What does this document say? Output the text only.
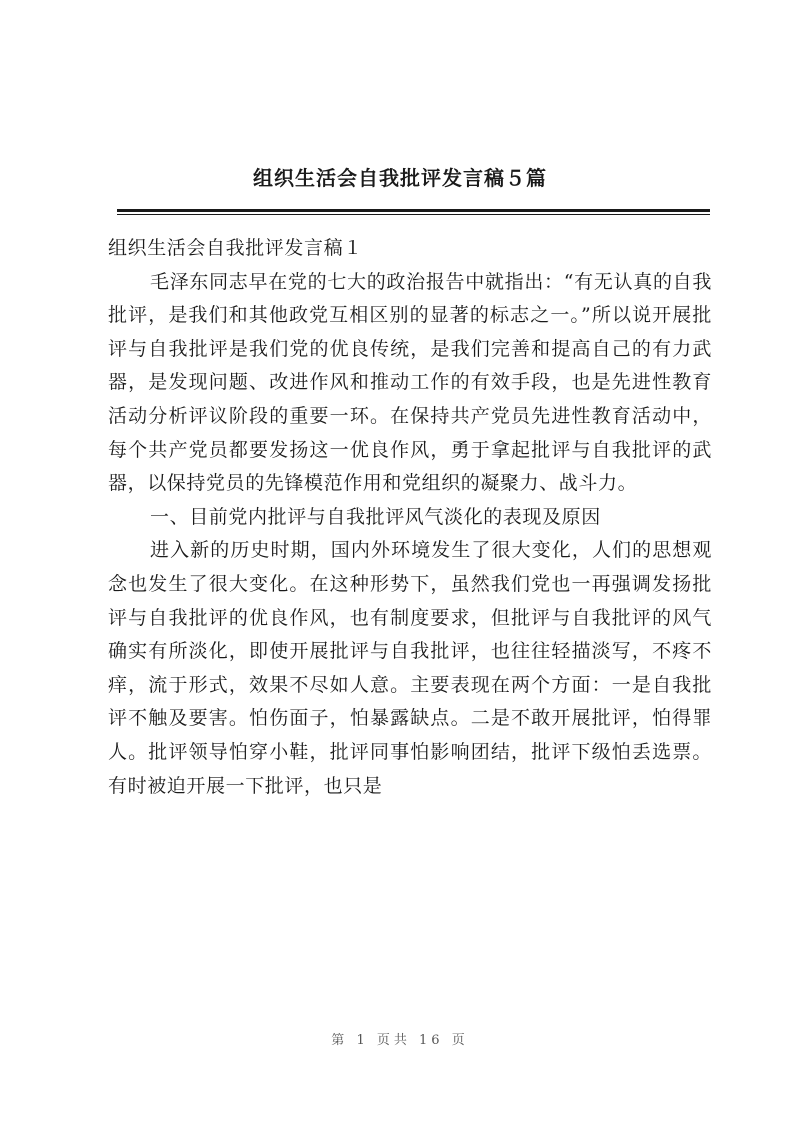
组织生活会自我批评发言稿５篇

组织生活会自我批评发言稿１

毛泽东同志早在党的七大的政治报告中就指出：“有无认真的自我批评，是我们和其他政党互相区别的显著的标志之一。”所以说开展批评与自我批评是我们党的优良传统，是我们完善和提高自己的有力武器，是发现问题、改进作风和推动工作的有效手段，也是先进性教育活动分析评议阶段的重要一环。在保持共产党员先进性教育活动中，每个共产党员都要发扬这一优良作风，勇于拿起批评与自我批评的武器，以保持党员的先锋模范作用和党组织的凝聚力、战斗力。

一、目前党内批评与自我批评风气淡化的表现及原因

进入新的历史时期，国内外环境发生了很大变化，人们的思想观念也发生了很大变化。在这种形势下，虽然我们党也一再强调发扬批评与自我批评的优良作风，也有制度要求，但批评与自我批评的风气确实有所淡化，即使开展批评与自我批评，也往往轻描淡写，不疼不痒，流于形式，效果不尽如人意。主要表现在两个方面：一是自我批评不触及要害。怕伤面子，怕暴露缺点。二是不敢开展批评，怕得罪人。批评领导怕穿小鞋，批评同事怕影响团结，批评下级怕丢选票。有时被迫开展一下批评，也只是

第 1 页共 16 页
